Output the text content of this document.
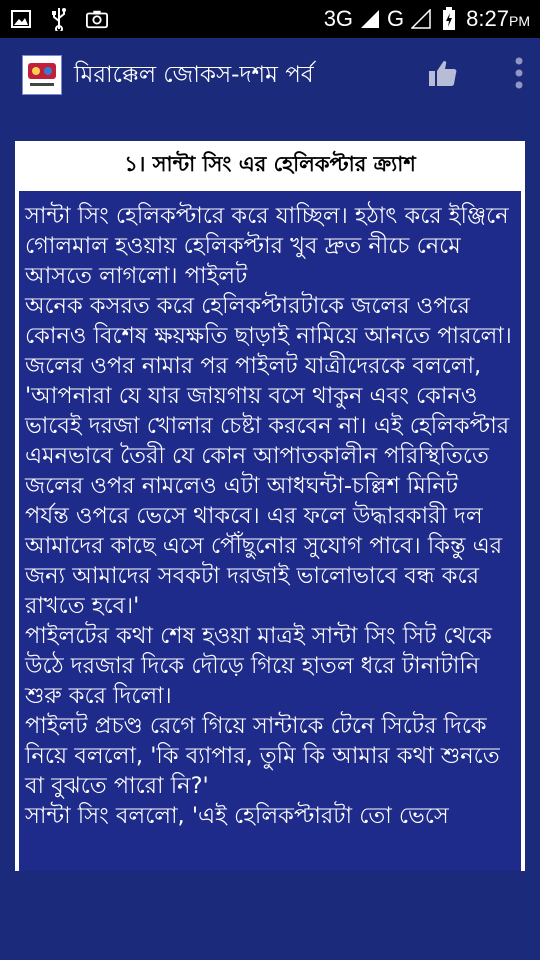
3G G	8:27PM
মিরাক্কেল জোকস-দশম পর্ব
১। সান্টা সিং এর হেলিকপ্টার ক্র্যাশ

সান্টা সিং হেলিকপ্টারে করে যাচ্ছিল। হঠাৎ করে ইঞ্জিনে গোলমাল হওয়ায় হেলিকপ্টার খুব দ্রুত নীচে নেমে আসতে লাগলো। পাইলট
অনেক কসরত করে হেলিকপ্টারটাকে জলের ওপরে কোনও বিশেষ ক্ষয়ক্ষতি ছাড়াই নামিয়ে আনতে পারলো।
জলের ওপর নামার পর পাইলট যাত্রীদেরকে বললো, 'আপনারা যে যার জায়গায় বসে থাকুন এবং কোনও ভাবেই দরজা খোলার চেষ্টা করবেন না। এই হেলিকপ্টার এমনভাবে তৈরী যে কোন আপাতকালীন পরিস্থিতিতে জলের ওপর নামলেও এটা আধঘন্টা-চল্লিশ মিনিট
পর্যন্ত ওপরে ভেসে থাকবে। এর ফলে উদ্ধারকারী দল আমাদের কাছে এসে পৌঁছুনোর সুযোগ পাবে। কিন্তু এর জন্য আমাদের সবকটা দরজাই ভালোভাবে বন্ধ করে রাখতে হবে।'
পাইলটের কথা শেষ হওয়া মাত্রই সান্টা সিং সিট থেকে উঠে দরজার দিকে দৌড়ে গিয়ে হাতল ধরে টানাটানি শুরু করে দিলো।
পাইলট প্রচণ্ড রেগে গিয়ে সান্টাকে টেনে সিটের দিকে নিয়ে বললো, 'কি ব্যাপার, তুমি কি আমার কথা শুনতে বা বুঝতে পারো নি?'
সান্টা সিং বললো, 'এই হেলিকপ্টারটা তো ভেসে
